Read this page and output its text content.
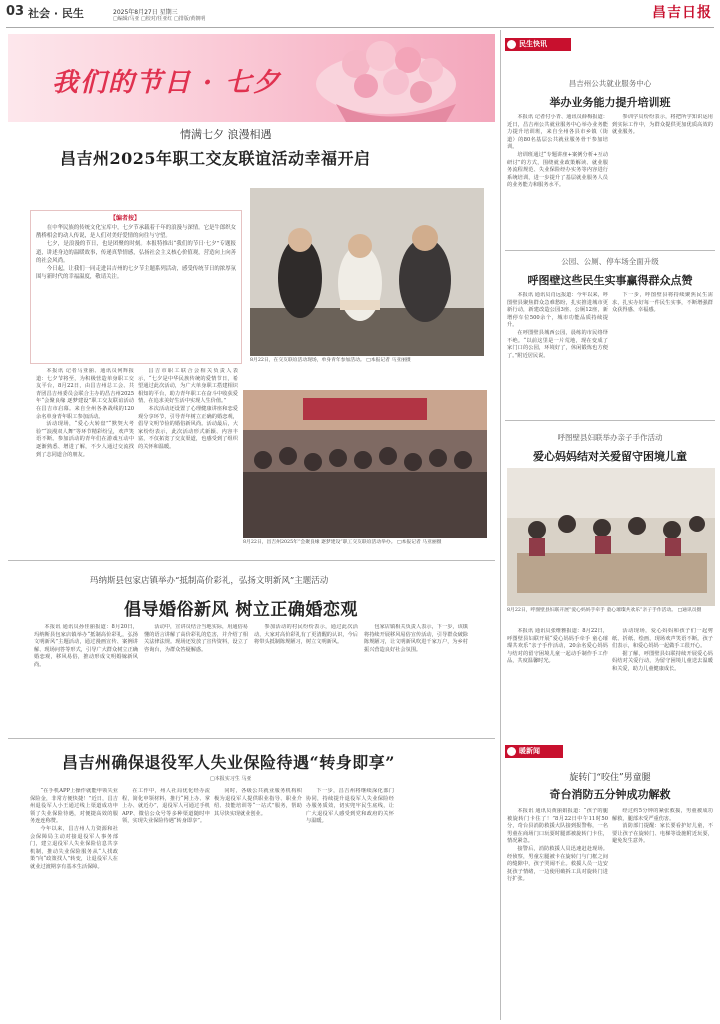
03 社会 · 民生	2025年8月27日 星期三
□编辑/马亚 □校对/任亚红 □排版/黄朝明	昌吉日报
我们的节日 · 七夕
情满七夕 浪漫相遇
昌吉州2025年职工交友联谊活动幸福开启
【编者按】

在中华民族的传统文化宝库中，七夕节承载着千年的浪漫与深情。它是牛郎织女鹊桥相会的动人传说，是人们对美好爱情的向往与守望。

七夕，是浪漫的节日，也是团聚的时刻。本报特推出“我们的节日·七夕”专题报道，讲述身边的温暖故事，传递真挚情感，弘扬社会主义核心价值观，营造向上向善的社会风尚。

今日起，让我们一同走进昌吉州的七夕节主题系列活动，感受传统节日的浓厚氛围与新时代的幸福温度，敬请关注。

8月22日，在交友联谊活动现场，单身青年参加活动。 □本报记者 马亚丽摄

本报讯 记者马亚丽、通讯员何辉报道：七夕节将至，为积极营造单身职工交友平台，8月22日，由昌吉州总工会、共青团昌吉州委员会联合主办的昌吉州2025年“会聚良缘 逐梦建设”职工交友联谊活动在昌吉市启幕。来自全州各条战线的120余名单身青年职工参加活动。

活动现场，“爱心大转盘”“默契大考验”“浪漫双人舞”等环节精彩纷呈，欢声笑语不断。参加活动的青年们在游戏互动中逐渐熟悉、增进了解，不少人通过交流找到了志同道合的朋友。

昌吉市职工联合会相关负责人表示，“七夕是中华民族传统的爱情节日，希望通过此次活动，为广大单身职工搭建相识相知的平台，助力青年职工在奋斗中收获爱情，在追求美好生活中实现人生价值。”

本次活动还设置了心理健康讲座和恋爱观分享环节，引导青年树立正确的婚恋观，倡导文明节俭的婚俗新风尚。活动最后，大家纷纷表示，此次活动形式新颖、内容丰富，不仅拓宽了交友渠道，也感受到了组织的关怀和温暖。

8月22日，昌吉州2025年“会聚良缘 逐梦建设”职工交友联谊活动举办。 □本报记者 马亚丽摄
玛纳斯县包家店镇举办“抵制高价彩礼，弘扬文明新风”主题活动
倡导婚俗新风 树立正确婚恋观

本报讯 通讯员孙佳丽报道：8月20日，玛纳斯县包家店镇举办“抵制高价彩礼，弘扬文明新风”主题活动，通过漫画宣传、案例讲解、现场问答等形式，引导广大群众树立正确婚恋观，移风易俗，推动形成文明婚嫁新风尚。

活动中，宣讲员结合当地实际，用通俗易懂的语言讲解了高价彩礼的危害，并介绍了相关法律法规。现场还发放了宣传资料，设立了咨询台，为群众答疑解惑。

参加活动的村民纷纷表示，通过此次活动，大家对高价彩礼有了更清醒的认识，今后将带头抵制陈规陋习，树立文明新风。

包家店镇相关负责人表示，下一步，该镇将持续开展移风易俗宣传活动，引导群众破除陈规陋习，让文明新风吹进千家万户，为乡村振兴营造良好社会氛围。

昌吉州确保退役军人失业保险待遇“转身即享”
□本报实习生 马亚

“在手机APP上操作就能申领失业保险金，非常方便快捷！”近日，昌吉州退役军人小王通过线上渠道成功申领了失业保险待遇，对便捷高效的服务连连称赞。

今年以来，昌吉州人力资源和社会保障局主动对接退役军人事务部门，建立退役军人失业保险信息共享机制，推动失业保险服务从“人找政策”向“政策找人”转变，让退役军人在就业过渡期享有基本生活保障。

在工作中，州人社局优化经办流程，简化申领材料，推行“网上办、掌上办、就近办”，退役军人可通过手机APP、微信公众号等多种渠道随时申领，实现失业保险待遇“转身即享”。

同时，各级公共就业服务机构积极为退役军人提供职业指导、职业介绍、技能培训等“一站式”服务，帮助其尽快实现就业创业。

下一步，昌吉州将继续深化部门协同，持续提升退役军人失业保险经办服务质效，切实兜牢民生底线，让广大退役军人感受到党和政府的关怀与温暖。

民生快讯
昌吉州公共就业服务中心
举办业务能力提升培训班

本报讯 记者付小青、通讯员薛梅报道：近日，昌吉州公共就业服务中心举办业务能力提升培训班，来自全州各县市乡镇（街道）的80名基层公共就业服务骨干参加培训。

培训班通过“专题讲座+案例分析+互动研讨”的方式，围绕就业政策解读、就业服务流程规范、失业保险经办实务等内容进行系统培训，进一步提升了基层就业服务人员的业务能力和服务水平。

参训学员纷纷表示，将把所学知识运用到实际工作中，为群众提供更加优质高效的就业服务。

公园、公厕、停车场全面升级
呼图壁这些民生实事赢得群众点赞

本报讯 通讯员肖远报道：今年以来，呼图壁县聚焦群众急难愁盼，扎实推进城市更新行动，新建改造公园3座、公厕12座，新增停车位500余个，城市功能品质持续提升。

在呼图壁县城西公园，晨练的市民络绎不绝。“以前这里是一片荒地，现在变成了家门口的公园，环境好了，休闲锻炼也方便了。”附近居民说。

下一步，呼图壁县将持续聚焦民生需求，扎实办好每一件民生实事，不断增强群众获得感、幸福感。

呼图壁县妇联举办亲子手作活动
爱心妈妈结对关爱留守困境儿童
8月22日，呼图壁县妇联开展“爱心妈妈手牵手 童心璀璨共欢乐”亲子手作活动。 □通讯员摄

本报讯 通讯员张维雅报道：8月22日，呼图壁县妇联开展“爱心妈妈手牵手 童心璀璨共欢乐”亲子手作活动，20余名爱心妈妈与结对的留守困境儿童一起动手制作手工作品，共度温馨时光。

活动现场，爱心妈妈和孩子们一起剪纸、折纸、绘画，现场欢声笑语不断。孩子们表示，和爱心妈妈一起做手工很开心。

据了解，呼图壁县妇联持续开展爱心妈妈结对关爱行动，为留守困境儿童送去温暖和关爱，助力儿童健康成长。

暖新闻
旋转门“咬住”男童腿
奇台消防五分钟成功解救

本报讯 通讯员黄丽娟报道：“孩子的腿被旋转门卡住了！”8月22日中午11时50分，奇台县消防救援大队接到报警称，一名男童在商场门口玩耍时腿部被旋转门卡住，情况紧急。

接警后，消防救援人员迅速赶赴现场。经侦察，男童左腿被卡在旋转门与门框之间的缝隙中，孩子哭闹不止。救援人员一边安抚孩子情绪，一边使用破拆工具对旋转门进行扩张。

经过约5分钟的紧张救援，男童被成功解救，腿部未受严重伤害。

消防部门提醒：家长要看护好儿童，不要让孩子在旋转门、电梯等设施附近玩耍，避免发生意外。
